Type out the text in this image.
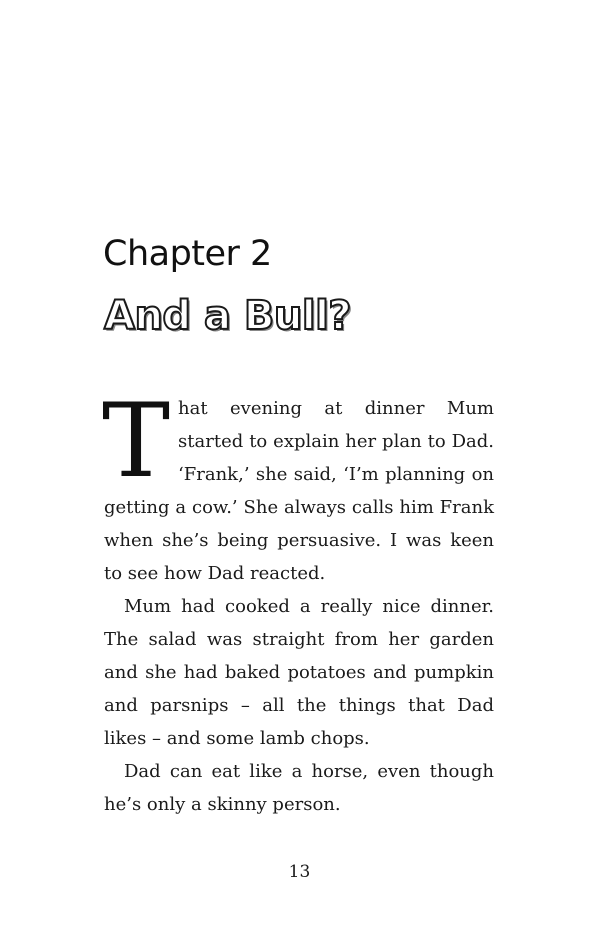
Chapter 2
And a Bull?

That evening at dinner Mum started to explain her plan to Dad. ‘Frank,’ she said, ‘I’m planning on getting a cow.’ She always calls him Frank when she’s being persuasive. I was keen to see how Dad reacted.

Mum had cooked a really nice dinner. The salad was straight from her garden and she had baked potatoes and pumpkin and parsnips – all the things that Dad likes – and some lamb chops.

Dad can eat like a horse, even though he’s only a skinny person.

13
